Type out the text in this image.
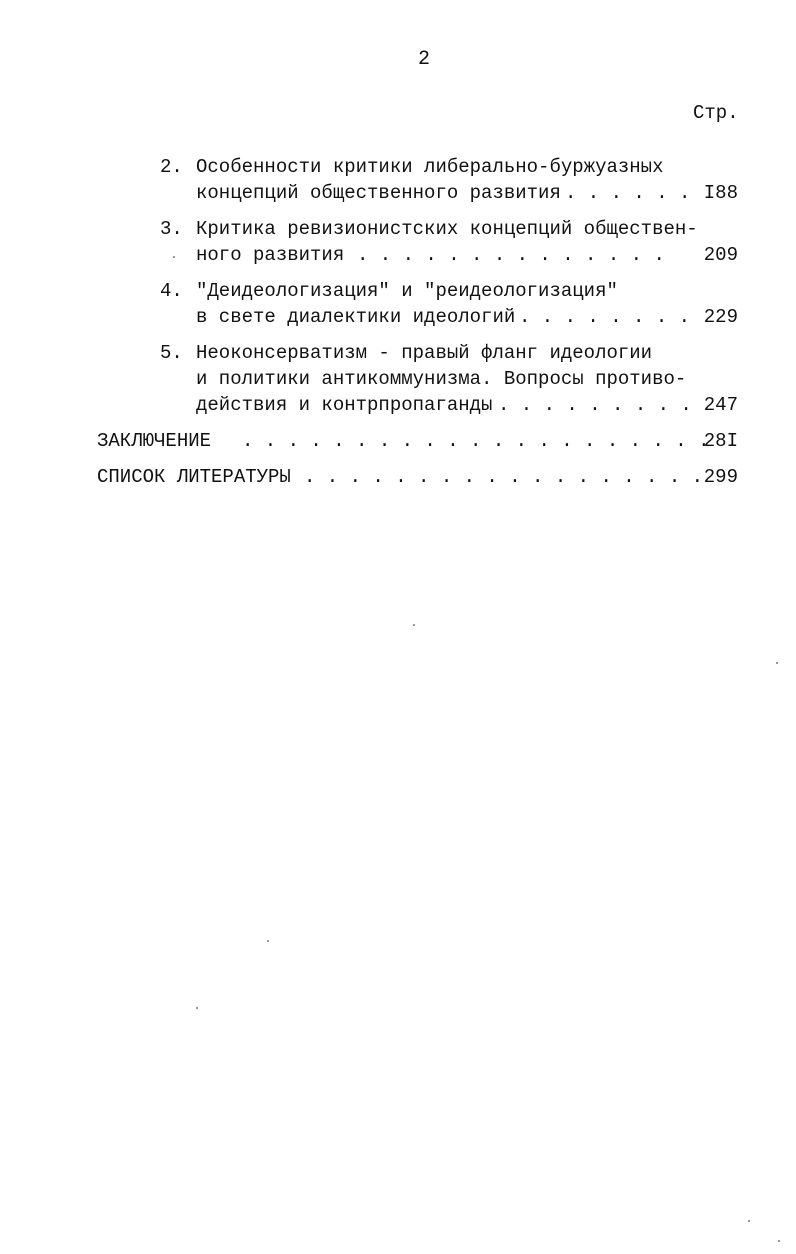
2
Стр.
2. Особенности критики либерально-буржуазных
концепций общественного развития . . . . . . I88
3. Критика ревизионистских концепций обществен-
ного развития . . . . . . . . . . . . . . 209
4. "Деидеологизация" и "реидеологизация"
в свете диалектики идеологий . . . . . . . . 229
5. Неоконсерватизм - правый фланг идеологии
и политики антикоммунизма. Вопросы противо-
действия и контрпропаганды . . . . . . . . . 247
ЗАКЛЮЧЕНИЕ . . . . . . . . . . . . . . . . . . . . .
28I
СПИСОК ЛИТЕРАТУРЫ . . . . . . . . . . . . . . . . . . 299
